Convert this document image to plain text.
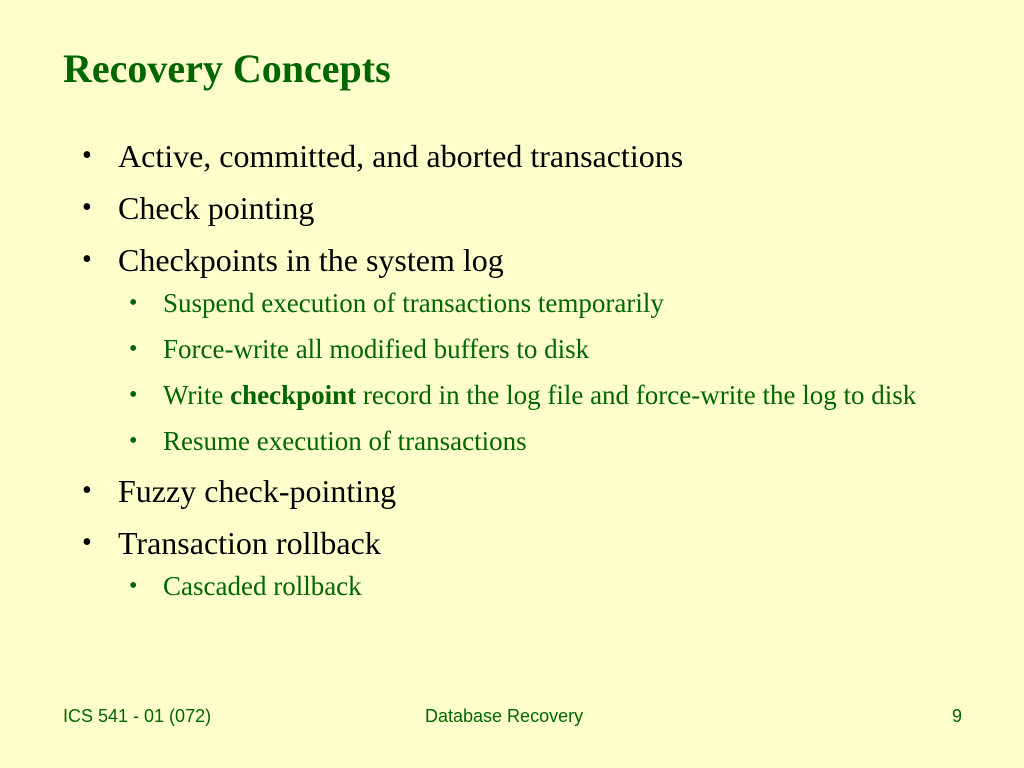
Recovery Concepts
• Active, committed, and aborted transactions
• Check pointing
• Checkpoints in the system log
• Suspend execution of transactions temporarily
• Force-write all modified buffers to disk
• Write checkpoint record in the log file and force-write the log to disk
• Resume execution of transactions
• Fuzzy check-pointing
• Transaction rollback
• Cascaded rollback
ICS 541 - 01 (072)	Database Recovery	9
